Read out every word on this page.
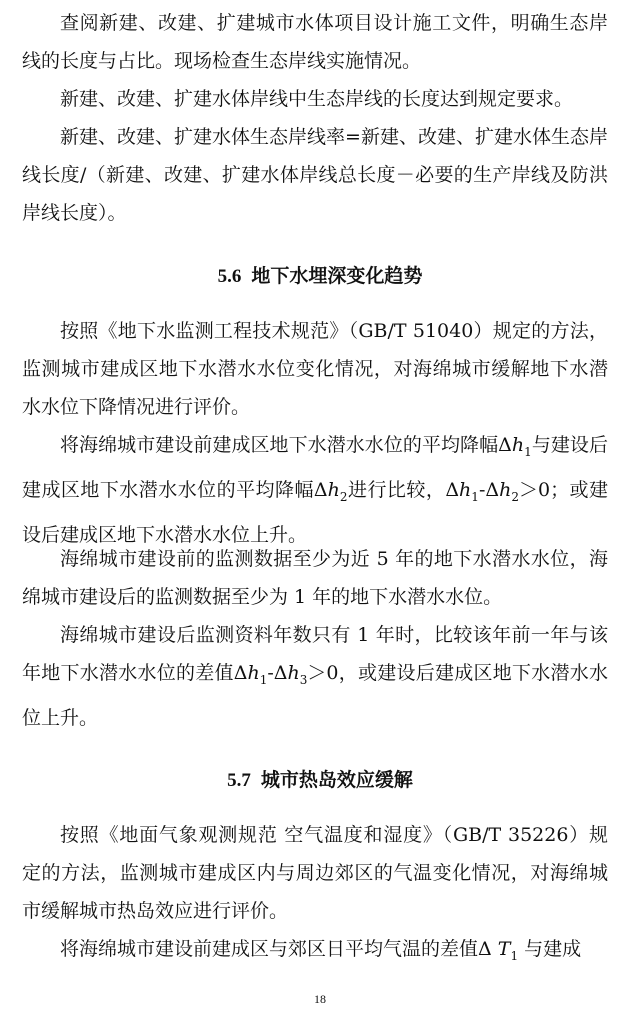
查阅新建、改建、扩建城市水体项目设计施工文件，明确生态岸线的长度与占比。现场检查生态岸线实施情况。

新建、改建、扩建水体岸线中生态岸线的长度达到规定要求。

新建、改建、扩建水体生态岸线率=新建、改建、扩建水体生态岸线长度/（新建、改建、扩建水体岸线总长度－必要的生产岸线及防洪岸线长度）。

5.6 地下水埋深变化趋势

按照《地下水监测工程技术规范》（GB/T 51040）规定的方法，监测城市建成区地下水潜水水位变化情况，对海绵城市缓解地下水潜水水位下降情况进行评价。

将海绵城市建设前建成区地下水潜水水位的平均降幅$\Delta h_1$与建设后建成区地下水潜水水位的平均降幅$\Delta h_2$进行比较，$\Delta h_1-\Delta h_2>0$；或建设后建成区地下水潜水水位上升。

海绵城市建设前的监测数据至少为近 5 年的地下水潜水水位，海绵城市建设后的监测数据至少为 1 年的地下水潜水水位。

海绵城市建设后监测资料年数只有 1 年时，比较该年前一年与该年地下水潜水水位的差值$\Delta h_1-\Delta h_3>0$，或建设后建成区地下水潜水水位上升。

5.7 城市热岛效应缓解

按照《地面气象观测规范 空气温度和湿度》（GB/T 35226）规定的方法，监测城市建成区内与周边郊区的气温变化情况，对海绵城市缓解城市热岛效应进行评价。

将海绵城市建设前建成区与郊区日平均气温的差值Δ $T_1$ 与建成

18
